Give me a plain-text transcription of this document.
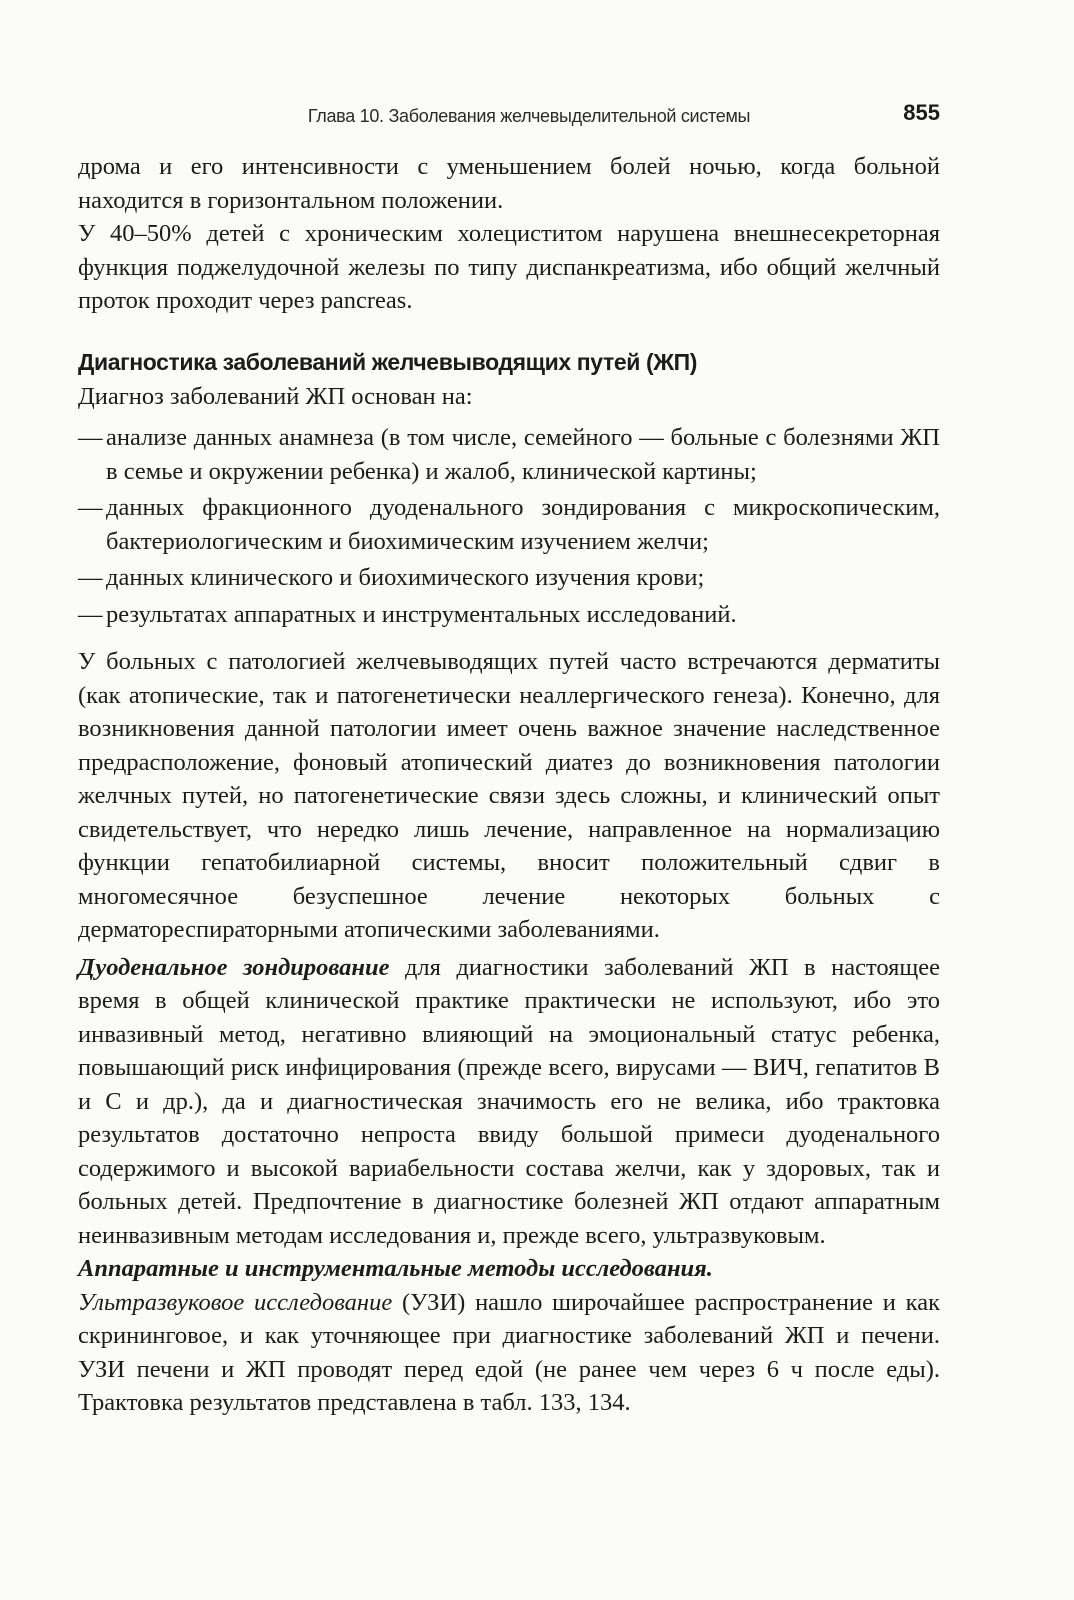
Глава 10. Заболевания желчевыделительной системы	855

дрома и его интенсивности с уменьшением болей ночью, когда больной находится в горизонтальном положении.

У 40–50% детей с хроническим холециститом нарушена внешнесекреторная функция поджелудочной железы по типу диспанкреатизма, ибо общий желчный проток проходит через pancreas.

Диагностика заболеваний желчевыводящих путей (ЖП)

Диагноз заболеваний ЖП основан на:

— анализе данных анамнеза (в том числе, семейного — больные с болезнями ЖП в семье и окружении ребенка) и жалоб, клинической картины;
— данных фракционного дуоденального зондирования с микроскопическим, бактериологическим и биохимическим изучением желчи;
— данных клинического и биохимического изучения крови;
— результатах аппаратных и инструментальных исследований.

У больных с патологией желчевыводящих путей часто встречаются дерматиты (как атопические, так и патогенетически неаллергического генеза). Конечно, для возникновения данной патологии имеет очень важное значение наследственное предрасположение, фоновый атопический диатез до возникновения патологии желчных путей, но патогенетические связи здесь сложны, и клинический опыт свидетельствует, что нередко лишь лечение, направленное на нормализацию функции гепатобилиарной системы, вносит положительный сдвиг в многомесячное безуспешное лечение некоторых больных с дерматореспираторными атопическими заболеваниями.

Дуоденальное зондирование для диагностики заболеваний ЖП в настоящее время в общей клинической практике практически не используют, ибо это инвазивный метод, негативно влияющий на эмоциональный статус ребенка, повышающий риск инфицирования (прежде всего, вирусами — ВИЧ, гепатитов В и С и др.), да и диагностическая значимость его не велика, ибо трактовка результатов достаточно непроста ввиду большой примеси дуоденального содержимого и высокой вариабельности состава желчи, как у здоровых, так и больных детей. Предпочтение в диагностике болезней ЖП отдают аппаратным неинвазивным методам исследования и, прежде всего, ультразвуковым.

Аппаратные и инструментальные методы исследования.

Ультразвуковое исследование (УЗИ) нашло широчайшее распространение и как скрининговое, и как уточняющее при диагностике заболеваний ЖП и печени. УЗИ печени и ЖП проводят перед едой (не ранее чем через 6 ч после еды). Трактовка результатов представлена в табл. 133, 134.
